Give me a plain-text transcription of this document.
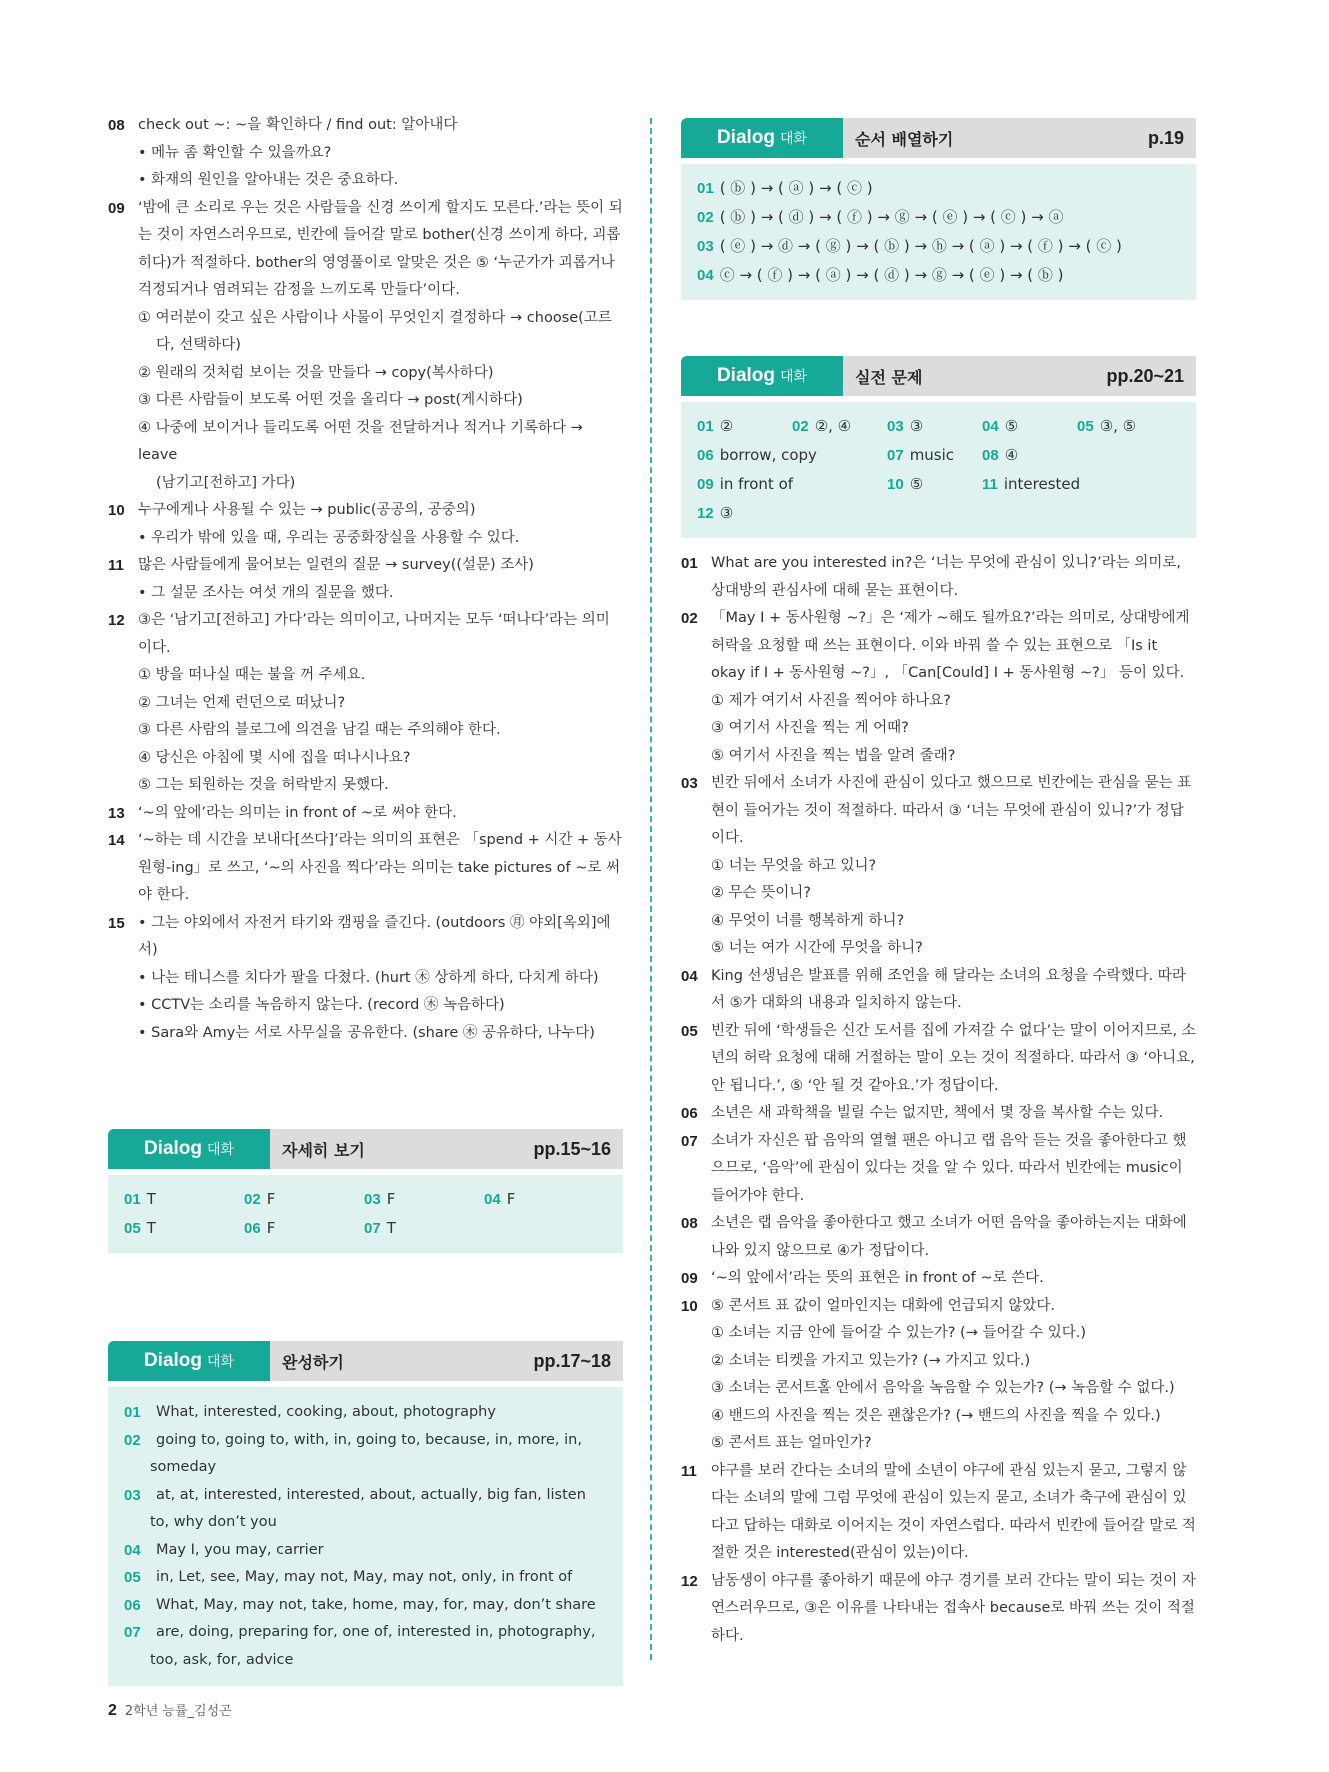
08 check out ~: ~을 확인하다 / find out: 알아내다
• 메뉴 좀 확인할 수 있을까요?
• 화재의 원인을 알아내는 것은 중요하다.
09 ‘밤에 큰 소리로 우는 것은 사람들을 신경 쓰이게 할지도 모른다.’라는 뜻이 되는 것이 자연스러우므로, 빈칸에 들어갈 말로 bother(신경 쓰이게 하다, 괴롭히다)가 적절하다. bother의 영영풀이로 알맞은 것은 ⑤ ‘누군가가 괴롭거나 걱정되거나 염려되는 감정을 느끼도록 만들다’이다.
① 여러분이 갖고 싶은 사람이나 사물이 무엇인지 결정하다 → choose(고르
다, 선택하다)
② 원래의 것처럼 보이는 것을 만들다 → copy(복사하다)
③ 다른 사람들이 보도록 어떤 것을 올리다 → post(게시하다)
④ 나중에 보이거나 들리도록 어떤 것을 전달하거나 적거나 기록하다 → leave
(남기고[전하고] 가다)
10 누구에게나 사용될 수 있는 → public(공공의, 공중의)
• 우리가 밖에 있을 때, 우리는 공중화장실을 사용할 수 있다.
11 많은 사람들에게 물어보는 일련의 질문 → survey((설문) 조사)
• 그 설문 조사는 여섯 개의 질문을 했다.
12 ③은 ‘남기고[전하고] 가다’라는 의미이고, 나머지는 모두 ‘떠나다’라는 의미이다.
① 방을 떠나실 때는 불을 꺼 주세요.
② 그녀는 언제 런던으로 떠났니?
③ 다른 사람의 블로그에 의견을 남길 때는 주의해야 한다.
④ 당신은 아침에 몇 시에 집을 떠나시나요?
⑤ 그는 퇴원하는 것을 허락받지 못했다.
13 ‘~의 앞에’라는 의미는 in front of ~로 써야 한다.
14 ‘~하는 데 시간을 보내다[쓰다]’라는 의미의 표현은 「spend + 시간 + 동사원형-ing」로 쓰고, ‘~의 사진을 찍다’라는 의미는 take pictures of ~로 써야 한다.
15 • 그는 야외에서 자전거 타기와 캠핑을 즐긴다. (outdoors ㊊ 야외[옥외]에서)
• 나는 테니스를 치다가 팔을 다쳤다. (hurt ㊍ 상하게 하다, 다치게 하다)
• CCTV는 소리를 녹음하지 않는다. (record ㊍ 녹음하다)
• Sara와 Amy는 서로 사무실을 공유한다. (share ㊍ 공유하다, 나누다)
Dialog 대화	자세히 보기	pp.15~16
01 T	02 F	03 F	04 F
05 T	06 F	07 T
Dialog 대화	완성하기	pp.17~18
01	What, interested, cooking, about, photography
02	going to, going to, with, in, going to, because, in, more, in,
someday
03	at, at, interested, interested, about, actually, big fan, listen
to, why don’t you
04	May I, you may, carrier
05	in, Let, see, May, may not, May, may not, only, in front of
06	What, May, may not, take, home, may, for, may, don’t share
07	are, doing, preparing for, one of, interested in, photography,
too, ask, for, advice
Dialog 대화	순서 배열하기	p.19
01 ( ⓑ ) → ( ⓐ ) → ( ⓒ )
02 ( ⓑ ) → ( ⓓ ) → ( ⓕ ) → ⓖ → ( ⓔ ) → ( ⓒ ) → ⓐ
03 ( ⓔ ) → ⓓ → ( ⓖ ) → ( ⓑ ) → ⓗ → ( ⓐ ) → ( ⓕ ) → ( ⓒ )
04 ⓒ → ( ⓕ ) → ( ⓐ ) → ( ⓓ ) → ⓖ → ( ⓔ ) → ( ⓑ )
Dialog 대화	실전 문제	pp.20~21
01 ②	02 ②, ④	03 ③	04 ⑤	05 ③, ⑤
06 borrow, copy	07 music	08 ④
09 in front of	10 ⑤	11 interested
12 ③
01 What are you interested in?은 ‘너는 무엇에 관심이 있니?’라는 의미로, 상대방의 관심사에 대해 묻는 표현이다.
02 「May I + 동사원형 ~?」은 ‘제가 ~해도 될까요?’라는 의미로, 상대방에게 허락을 요청할 때 쓰는 표현이다. 이와 바꿔 쓸 수 있는 표현으로 「Is it okay if I + 동사원형 ~?」, 「Can[Could] I + 동사원형 ~?」 등이 있다.
① 제가 여기서 사진을 찍어야 하나요?
③ 여기서 사진을 찍는 게 어때?
⑤ 여기서 사진을 찍는 법을 알려 줄래?
03 빈칸 뒤에서 소녀가 사진에 관심이 있다고 했으므로 빈칸에는 관심을 묻는 표현이 들어가는 것이 적절하다. 따라서 ③ ‘너는 무엇에 관심이 있니?’가 정답이다.
① 너는 무엇을 하고 있니?
② 무슨 뜻이니?
④ 무엇이 너를 행복하게 하니?
⑤ 너는 여가 시간에 무엇을 하니?
04 King 선생님은 발표를 위해 조언을 해 달라는 소녀의 요청을 수락했다. 따라서 ⑤가 대화의 내용과 일치하지 않는다.
05 빈칸 뒤에 ‘학생들은 신간 도서를 집에 가져갈 수 없다’는 말이 이어지므로, 소년의 허락 요청에 대해 거절하는 말이 오는 것이 적절하다. 따라서 ③ ‘아니요, 안 됩니다.’, ⑤ ‘안 될 것 같아요.’가 정답이다.
06 소년은 새 과학책을 빌릴 수는 없지만, 책에서 몇 장을 복사할 수는 있다.
07 소녀가 자신은 팝 음악의 열혈 팬은 아니고 랩 음악 듣는 것을 좋아한다고 했으므로, ‘음악’에 관심이 있다는 것을 알 수 있다. 따라서 빈칸에는 music이 들어가야 한다.
08 소년은 랩 음악을 좋아한다고 했고 소녀가 어떤 음악을 좋아하는지는 대화에 나와 있지 않으므로 ④가 정답이다.
09 ‘~의 앞에서’라는 뜻의 표현은 in front of ~로 쓴다.
10 ⑤ 콘서트 표 값이 얼마인지는 대화에 언급되지 않았다.
① 소녀는 지금 안에 들어갈 수 있는가? (→ 들어갈 수 있다.)
② 소녀는 티켓을 가지고 있는가? (→ 가지고 있다.)
③ 소녀는 콘서트홀 안에서 음악을 녹음할 수 있는가? (→ 녹음할 수 없다.)
④ 밴드의 사진을 찍는 것은 괜찮은가? (→ 밴드의 사진을 찍을 수 있다.)
⑤ 콘서트 표는 얼마인가?
11 야구를 보러 간다는 소녀의 말에 소년이 야구에 관심 있는지 묻고, 그렇지 않다는 소녀의 말에 그럼 무엇에 관심이 있는지 묻고, 소녀가 축구에 관심이 있다고 답하는 대화로 이어지는 것이 자연스럽다. 따라서 빈칸에 들어갈 말로 적절한 것은 interested(관심이 있는)이다.
12 남동생이 야구를 좋아하기 때문에 야구 경기를 보러 간다는 말이 되는 것이 자연스러우므로, ③은 이유를 나타내는 접속사 because로 바꿔 쓰는 것이 적절하다.
2 2학년 능률_김성곤
